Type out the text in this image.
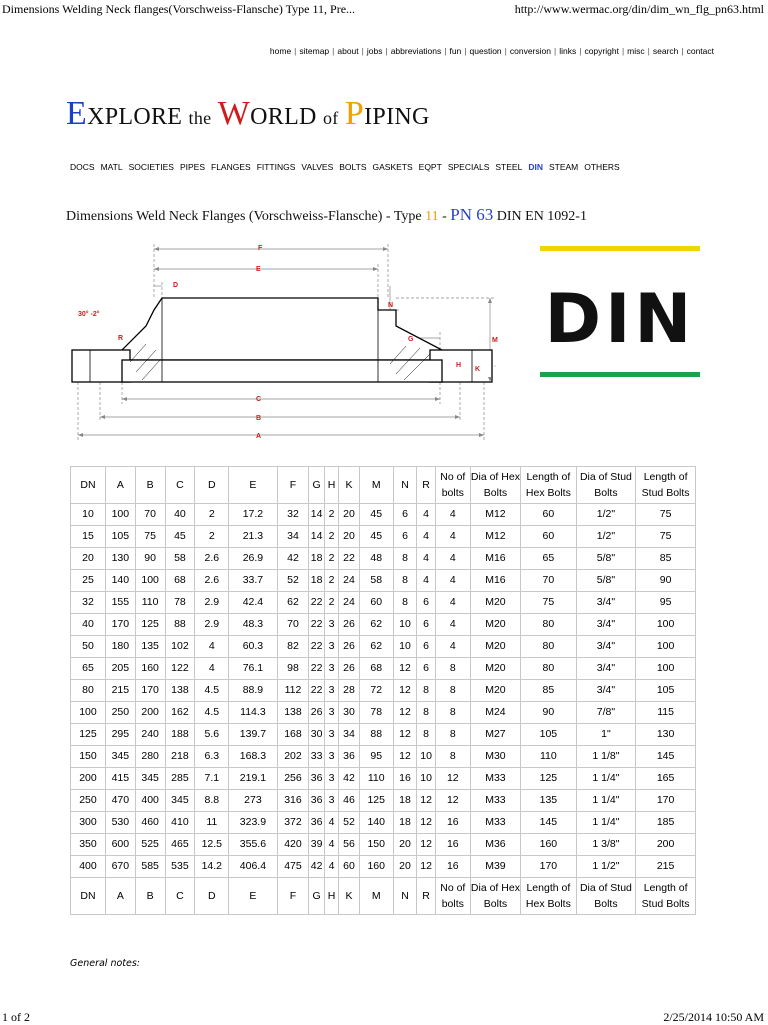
Dimensions Welding Neck flanges(Vorschweiss-Flansche) Type 11, Pre...	http://www.wermac.org/din/dim_wn_flg_pn63.html
home | sitemap | about | jobs | abbreviations | fun | question | conversion | links | copyright | misc | search | contact
EXPLORE the WORLD of PIPING
DOCS MATL SOCIETIES PIPES FLANGES FITTINGS VALVES BOLTS GASKETS EQPT SPECIALS STEEL DIN STEAM OTHERS
Dimensions Weld Neck Flanges (Vorschweiss-Flansche) - Type 11 - PN 63 DIN EN 1092-1
F
E
D
N
M
G
H
K
R
C
B
A
30° -2°	DIN
DN	A	B	C	D	E	F	G	H	K	M	N	R	No of bolts	Dia of Hex Bolts	Length of Hex Bolts	Dia of Stud Bolts	Length of Stud Bolts
10	100	70	40	2	17.2	32	14	2	20	45	6	4	4	M12	60	1/2"	75
15	105	75	45	2	21.3	34	14	2	20	45	6	4	4	M12	60	1/2"	75
20	130	90	58	2.6	26.9	42	18	2	22	48	8	4	4	M16	65	5/8"	85
25	140	100	68	2.6	33.7	52	18	2	24	58	8	4	4	M16	70	5/8"	90
32	155	110	78	2.9	42.4	62	22	2	24	60	8	6	4	M20	75	3/4"	95
40	170	125	88	2.9	48.3	70	22	3	26	62	10	6	4	M20	80	3/4"	100
50	180	135	102	4	60.3	82	22	3	26	62	10	6	4	M20	80	3/4"	100
65	205	160	122	4	76.1	98	22	3	26	68	12	6	8	M20	80	3/4"	100
80	215	170	138	4.5	88.9	112	22	3	28	72	12	8	8	M20	85	3/4"	105
100	250	200	162	4.5	114.3	138	26	3	30	78	12	8	8	M24	90	7/8"	115
125	295	240	188	5.6	139.7	168	30	3	34	88	12	8	8	M27	105	1"	130
150	345	280	218	6.3	168.3	202	33	3	36	95	12	10	8	M30	110	1 1/8"	145
200	415	345	285	7.1	219.1	256	36	3	42	110	16	10	12	M33	125	1 1/4"	165
250	470	400	345	8.8	273	316	36	3	46	125	18	12	12	M33	135	1 1/4"	170
300	530	460	410	11	323.9	372	36	4	52	140	18	12	16	M33	145	1 1/4"	185
350	600	525	465	12.5	355.6	420	39	4	56	150	20	12	16	M36	160	1 3/8"	200
400	670	585	535	14.2	406.4	475	42	4	60	160	20	12	16	M39	170	1 1/2"	215
DN	A	B	C	D	E	F	G	H	K	M	N	R	No of bolts	Dia of Hex Bolts	Length of Hex Bolts	Dia of Stud Bolts	Length of Stud Bolts
General notes:
1 of 2	2/25/2014 10:50 AM
